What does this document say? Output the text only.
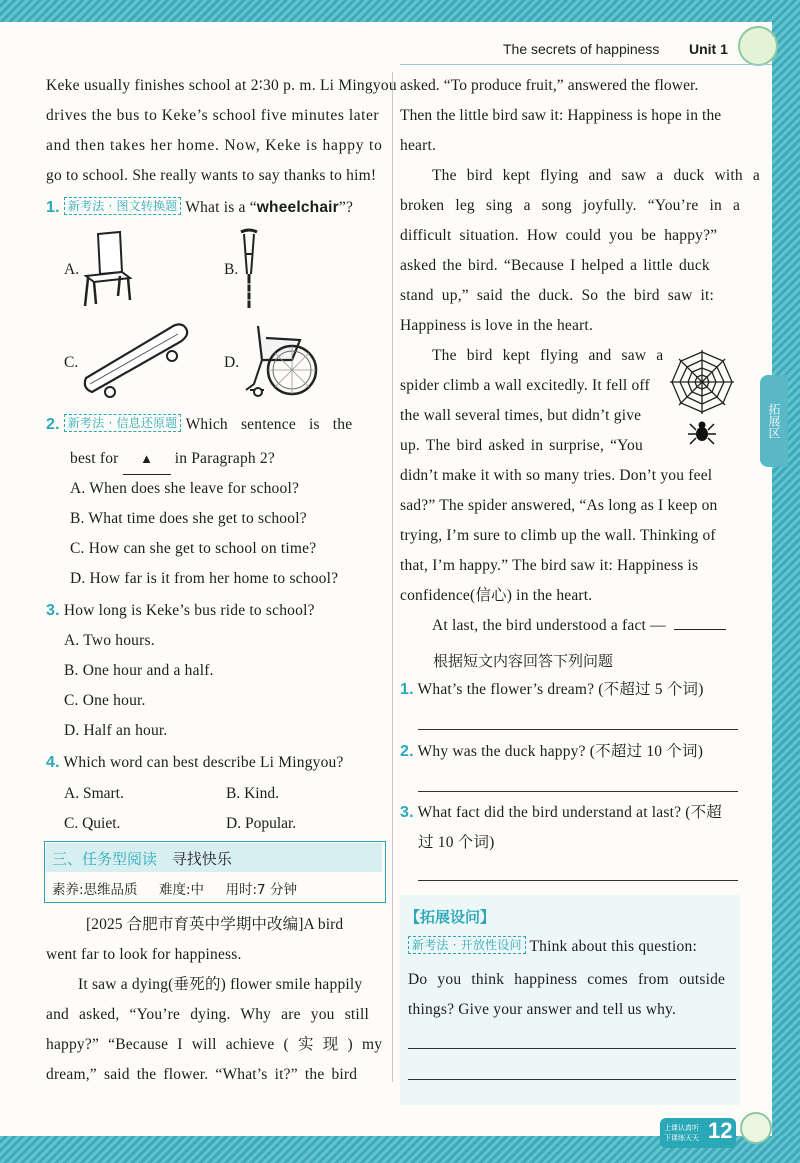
The secrets of happiness Unit 1
拓展区
Keke usually finishes school at 2∶30 p. m. Li Mingyou
drives the bus to Keke’s school five minutes later
and then takes her home. Now, Keke is happy to
go to school. She really wants to say thanks to him!
1. 新考法 · 图文转换题 What is a “wheelchair”?
A.	B.
C.	D.
2. 新考法 · 信息还原题 Which sentence is the
best for ▲ in Paragraph 2?
A. When does she leave for school?
B. What time does she get to school?
C. How can she get to school on time?
D. How far is it from her home to school?
3. How long is Keke’s bus ride to school?
A. Two hours.
B. One hour and a half.
C. One hour.
D. Half an hour.
4. Which word can best describe Li Mingyou?
A. Smart.	B. Kind.
C. Quiet.	D. Popular.
三、任务型阅读 寻找快乐
素养:思维品质     难度:中     用时:7 分钟
[2025 合肥市育英中学期中改编]A bird
went far to look for happiness.
It saw a dying(垂死的) flower smile happily
and asked, “You’re dying. Why are you still
happy?” “Because I will achieve ( 实 现 ) my
dream,” said the flower. “What’s it?” the bird
asked. “To produce fruit,” answered the flower.
Then the little bird saw it: Happiness is hope in the
heart.
The bird kept flying and saw a duck with a
broken leg sing a song joyfully. “You’re in a
difficult situation. How could you be happy?”
asked the bird. “Because I helped a little duck
stand up,” said the duck. So the bird saw it:
Happiness is love in the heart.
The bird kept flying and saw a
spider climb a wall excitedly. It fell off
the wall several times, but didn’t give
up. The bird asked in surprise, “You
didn’t make it with so many tries. Don’t you feel
sad?” The spider answered, “As long as I keep on
trying, I’m sure to climb up the wall. Thinking of
that, I’m happy.” The bird saw it: Happiness is
confidence(信心) in the heart.
At last, the bird understood a fact —
根据短文内容回答下列问题
1. What’s the flower’s dream? (不超过 5 个词)
2. Why was the duck happy? (不超过 10 个词)
3. What fact did the bird understand at last? (不超
过 10 个词)
【拓展设问】
新考法 · 开放性设问 Think about this question:
Do you think happiness comes from outside
things? Give your answer and tell us why.
上课认真听 下课练天天 12
